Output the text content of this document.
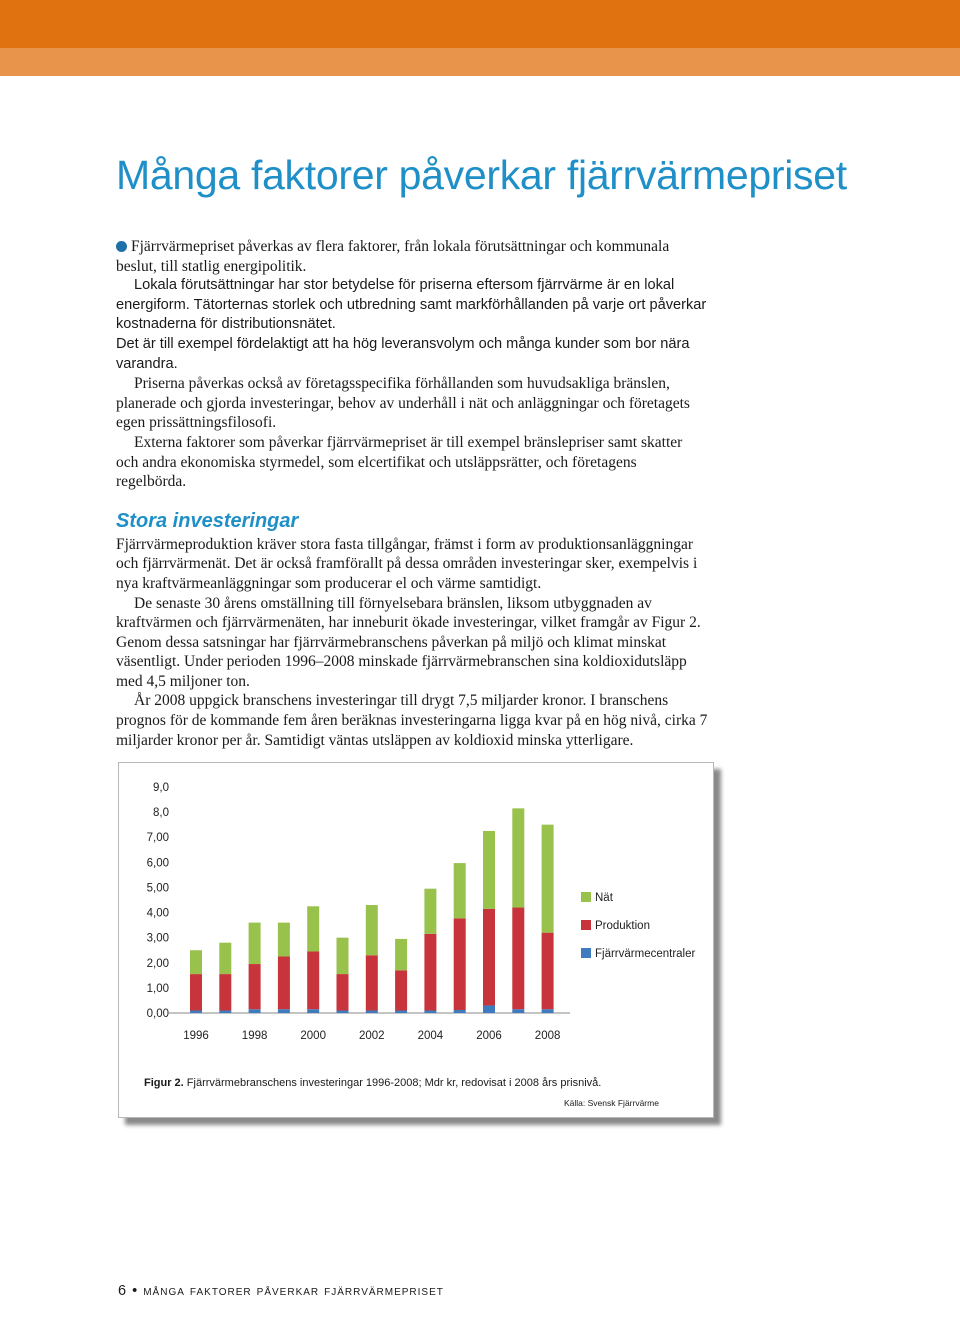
Många faktorer påverkar fjärrvärmepriset

Fjärrvärmepriset påverkas av flera faktorer, från lokala förutsättningar och kommunala beslut, till statlig energipolitik.

Lokala förutsättningar har stor betydelse för priserna eftersom fjärrvärme är en lokal energiform. Tätorternas storlek och utbredning samt markförhållanden på varje ort påverkar kostnaderna för distributionsnätet.

Det är till exempel fördelaktigt att ha hög leveransvolym och många kunder som bor nära varandra.

Priserna påverkas också av företagsspecifika förhållanden som huvudsakliga bränslen, planerade och gjorda investeringar, behov av underhåll i nät och anläggningar och företagets egen prissättningsfilosofi.

Externa faktorer som påverkar fjärrvärmepriset är till exempel bränslepriser samt skatter och andra ekonomiska styrmedel, som elcertifikat och utsläppsrätter, och företagens regelbörda.

Stora investeringar

Fjärrvärmeproduktion kräver stora fasta tillgångar, främst i form av produktionsanläggningar och fjärrvärmenät. Det är också framförallt på dessa områden investeringar sker, exempelvis i nya kraftvärmeanläggningar som producerar el och värme samtidigt.

De senaste 30 årens omställning till förnyelsebara bränslen, liksom utbyggnaden av kraftvärmen och fjärrvärmenäten, har inneburit ökade investeringar, vilket framgår av Figur 2. Genom dessa satsningar har fjärrvärmebranschens påverkan på miljö och klimat minskat väsentligt. Under perioden 1996–2008 minskade fjärrvärmebranschen sina koldioxidutsläpp med 4,5 miljoner ton.

År 2008 uppgick branschens investeringar till drygt 7,5 miljarder kronor. I branschens prognos för de kommande fem åren beräknas investeringarna ligga kvar på en hög nivå, cirka 7 miljarder kronor per år. Samtidigt väntas utsläppen av koldioxid minska ytterligare.

0,00
1,00
2,00
3,00
4,00
5,00
6,00
7,00
8,0
9,0
1996	1998	2000	2002	2004	2006	2008
Nät
Produktion
Fjärrvärmecentraler
Figur 2. Fjärrvärmebranschens investeringar 1996-2008; Mdr kr, redovisat i 2008 års prisnivå.
Källa: Svensk Fjärrvärme
6 • många faktorer påverkar fjärrvärmepriset
